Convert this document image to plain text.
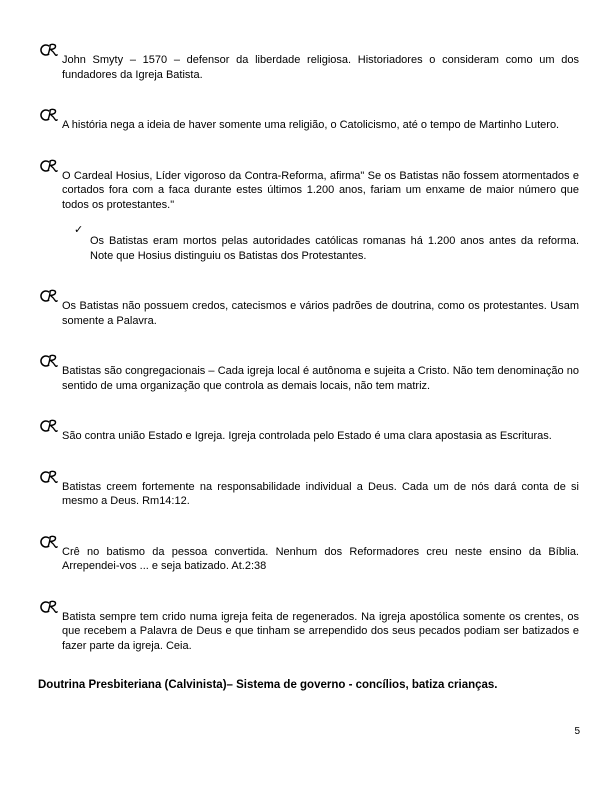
John Smyty – 1570 – defensor da liberdade religiosa. Historiadores o consideram como um dos fundadores da Igreja Batista.

A história nega a ideia de haver somente uma religião, o Catolicismo, até o tempo de Martinho Lutero.

O Cardeal Hosius, Líder vigoroso da Contra-Reforma, afirma" Se os Batistas não fossem atormentados e cortados fora com a faca durante estes últimos 1.200 anos, fariam um enxame de maior número que todos os protestantes."

✓

Os Batistas eram mortos pelas autoridades católicas romanas há 1.200 anos antes da reforma. Note que Hosius distinguiu os Batistas dos Protestantes.

Os Batistas não possuem credos, catecismos e vários padrões de doutrina, como os protestantes. Usam somente a Palavra.

Batistas são congregacionais – Cada igreja local é autônoma e sujeita a Cristo. Não tem denominação no sentido de uma organização que controla as demais locais, não tem matriz.

São contra união Estado e Igreja. Igreja controlada pelo Estado é uma clara apostasia as Escrituras.

Batistas creem fortemente na responsabilidade individual a Deus. Cada um de nós dará conta de si mesmo a Deus. Rm14:12.

Crê no batismo da pessoa convertida. Nenhum dos Reformadores creu neste ensino da Bíblia. Arrependei-vos ... e seja batizado. At.2:38

Batista sempre tem crido numa igreja feita de regenerados. Na igreja apostólica somente os crentes, os que recebem a Palavra de Deus e que tinham se arrependido dos seus pecados podiam ser batizados e fazer parte da igreja. Ceia.

Doutrina Presbiteriana (Calvinista)– Sistema de governo - concílios, batiza crianças.

5
